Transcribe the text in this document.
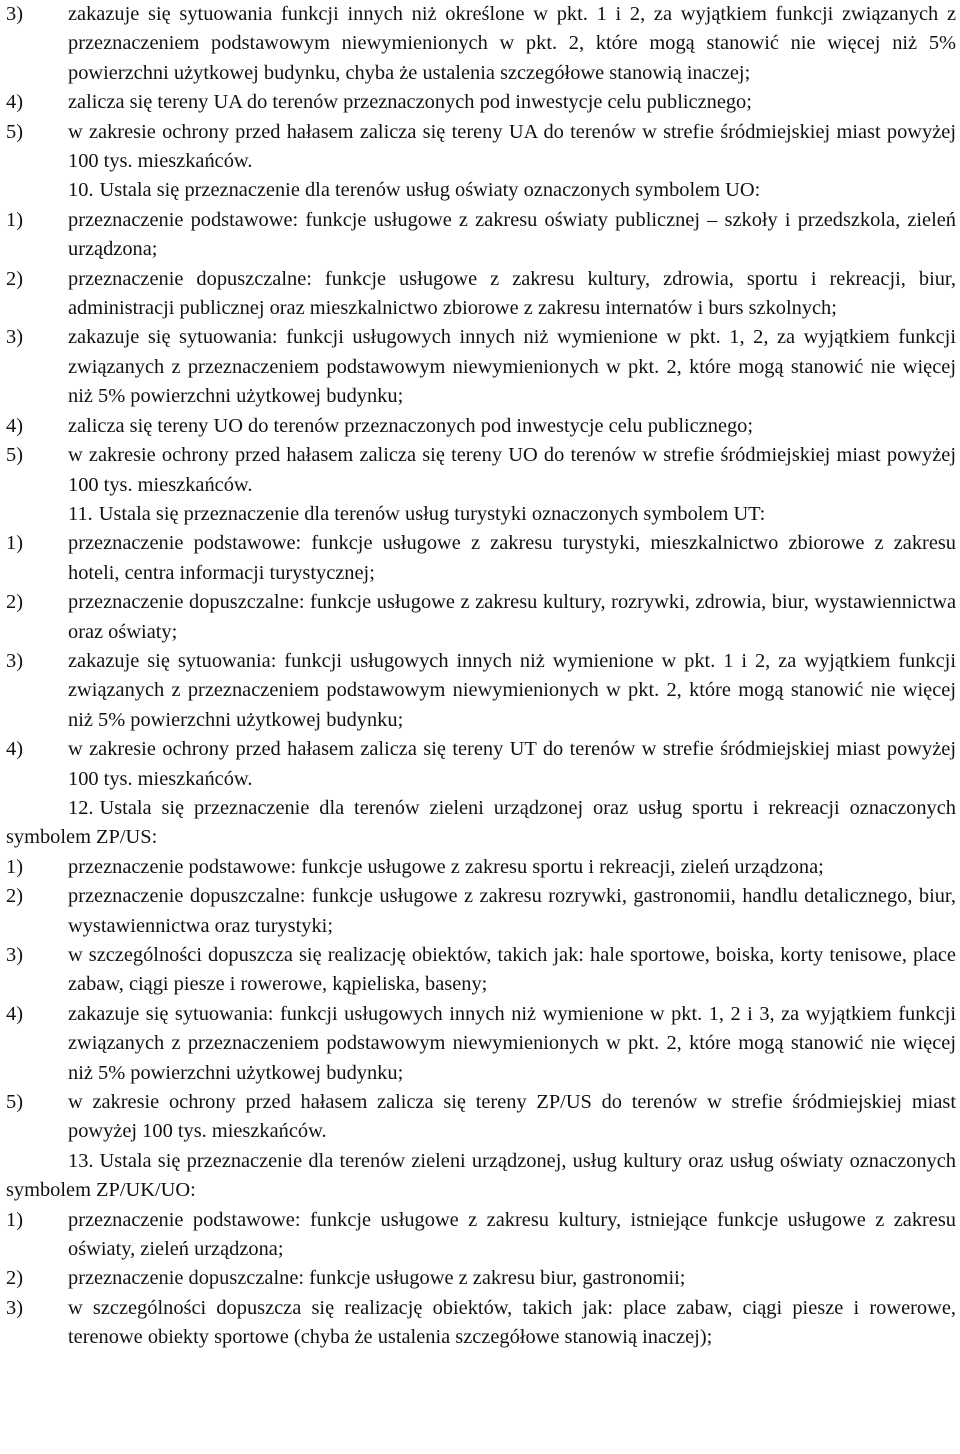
3)	zakazuje się sytuowania funkcji innych niż określone w pkt. 1 i 2, za wyjątkiem funkcji związanych z przeznaczeniem podstawowym niewymienionych w pkt. 2, które mogą stanowić nie więcej niż 5% powierzchni użytkowej budynku, chyba że ustalenia szczegółowe stanowią inaczej;
4)	zalicza się tereny UA do terenów przeznaczonych pod inwestycje celu publicznego;
5)	w zakresie ochrony przed hałasem zalicza się tereny UA do terenów w strefie śródmiejskiej miast powyżej 100 tys. mieszkańców.
10. Ustala się przeznaczenie dla terenów usług oświaty oznaczonych symbolem UO:
1)	przeznaczenie podstawowe: funkcje usługowe z zakresu oświaty publicznej – szkoły i przedszkola, zieleń urządzona;
2)	przeznaczenie dopuszczalne: funkcje usługowe z zakresu kultury, zdrowia, sportu i rekreacji, biur, administracji publicznej oraz mieszkalnictwo zbiorowe z zakresu internatów i burs szkolnych;
3)	zakazuje się sytuowania: funkcji usługowych innych niż wymienione w pkt. 1, 2, za wyjątkiem funkcji związanych z przeznaczeniem podstawowym niewymienionych w pkt. 2, które mogą stanowić nie więcej niż 5% powierzchni użytkowej budynku;
4)	zalicza się tereny UO do terenów przeznaczonych pod inwestycje celu publicznego;
5)	w zakresie ochrony przed hałasem zalicza się tereny UO do terenów w strefie śródmiejskiej miast powyżej 100 tys. mieszkańców.
11. Ustala się przeznaczenie dla terenów usług turystyki oznaczonych symbolem UT:
1)	przeznaczenie podstawowe: funkcje usługowe z zakresu turystyki, mieszkalnictwo zbiorowe z zakresu hoteli, centra informacji turystycznej;
2)	przeznaczenie dopuszczalne: funkcje usługowe z zakresu kultury, rozrywki, zdrowia, biur, wystawiennictwa oraz oświaty;
3)	zakazuje się sytuowania: funkcji usługowych innych niż wymienione w pkt. 1 i 2, za wyjątkiem funkcji związanych z przeznaczeniem podstawowym niewymienionych w pkt. 2, które mogą stanowić nie więcej niż 5% powierzchni użytkowej budynku;
4)	w zakresie ochrony przed hałasem zalicza się tereny UT do terenów w strefie śródmiejskiej miast powyżej 100 tys. mieszkańców.
12. Ustala się przeznaczenie dla terenów zieleni urządzonej oraz usług sportu i rekreacji oznaczonych symbolem ZP/US:
1)	przeznaczenie podstawowe: funkcje usługowe z zakresu sportu i rekreacji, zieleń urządzona;
2)	przeznaczenie dopuszczalne: funkcje usługowe z zakresu rozrywki, gastronomii, handlu detalicznego, biur, wystawiennictwa oraz turystyki;
3)	w szczególności dopuszcza się realizację obiektów, takich jak: hale sportowe, boiska, korty tenisowe, place zabaw, ciągi piesze i rowerowe, kąpieliska, baseny;
4)	zakazuje się sytuowania: funkcji usługowych innych niż wymienione w pkt. 1, 2 i 3, za wyjątkiem funkcji związanych z przeznaczeniem podstawowym niewymienionych w pkt. 2, które mogą stanowić nie więcej niż 5% powierzchni użytkowej budynku;
5)	w zakresie ochrony przed hałasem zalicza się tereny ZP/US do terenów w strefie śródmiejskiej miast powyżej 100 tys. mieszkańców.
13. Ustala się przeznaczenie dla terenów zieleni urządzonej, usług kultury oraz usług oświaty oznaczonych symbolem ZP/UK/UO:
1)	przeznaczenie podstawowe: funkcje usługowe z zakresu kultury, istniejące funkcje usługowe z zakresu oświaty, zieleń urządzona;
2)	przeznaczenie dopuszczalne: funkcje usługowe z zakresu biur, gastronomii;
3)	w szczególności dopuszcza się realizację obiektów, takich jak: place zabaw, ciągi piesze i rowerowe, terenowe obiekty sportowe (chyba że ustalenia szczegółowe stanowią inaczej);
